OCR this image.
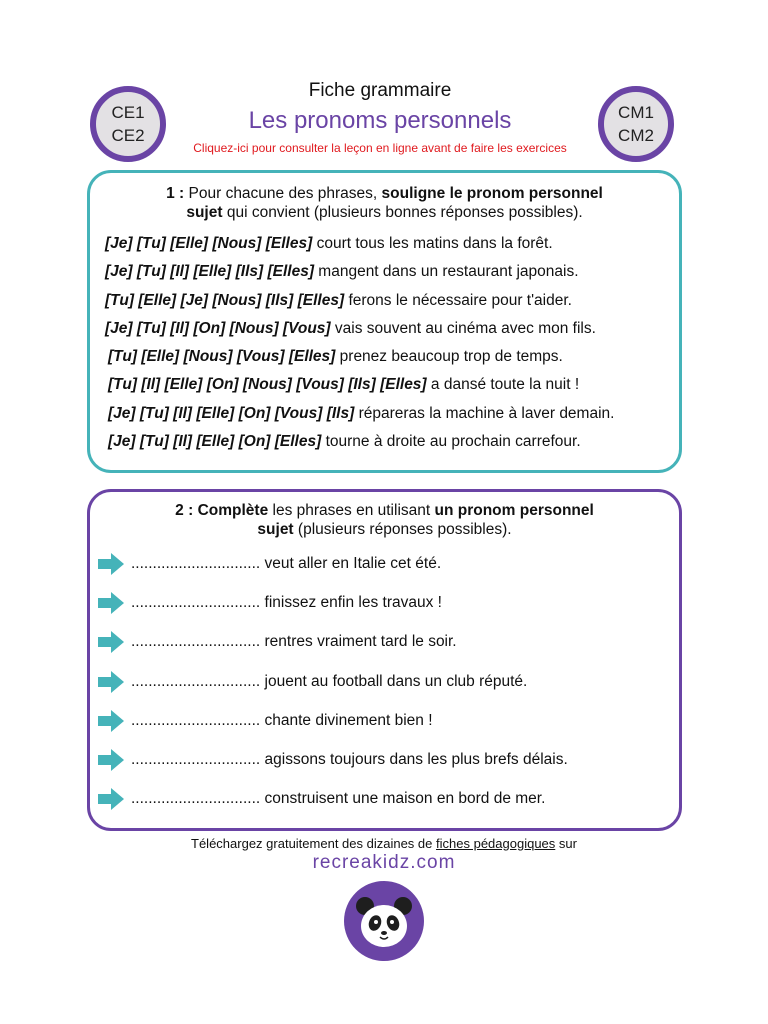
CE1
CE2
CM1
CM2
Fiche grammaire
Les pronoms personnels
Cliquez-ici pour consulter la leçon en ligne avant de faire les exercices
1 : Pour chacune des phrases, souligne le pronom personnel
sujet qui convient (plusieurs bonnes réponses possibles).
[Je] [Tu] [Elle] [Nous] [Elles] court tous les matins dans la forêt.
[Je] [Tu] [Il] [Elle] [Ils] [Elles] mangent dans un restaurant japonais.
[Tu] [Elle] [Je] [Nous] [Ils] [Elles] ferons le nécessaire pour t'aider.
[Je] [Tu] [Il] [On] [Nous] [Vous] vais souvent au cinéma avec mon fils.
[Tu] [Elle] [Nous] [Vous] [Elles] prenez beaucoup trop de temps.
[Tu] [Il] [Elle] [On] [Nous] [Vous] [Ils] [Elles] a dansé toute la nuit !
[Je] [Tu] [Il] [Elle] [On] [Vous] [Ils] répareras la machine à laver demain.
[Je] [Tu] [Il] [Elle] [On] [Elles] tourne à droite au prochain carrefour.
2 : Complète les phrases en utilisant un pronom personnel
sujet (plusieurs réponses possibles).
.............................. veut aller en Italie cet été.
.............................. finissez enfin les travaux !
.............................. rentres vraiment tard le soir.
.............................. jouent au football dans un club réputé.
.............................. chante divinement bien !
.............................. agissons toujours dans les plus brefs délais.
.............................. construisent une maison en bord de mer.
Téléchargez gratuitement des dizaines de fiches pédagogiques sur
recreakidz.com
